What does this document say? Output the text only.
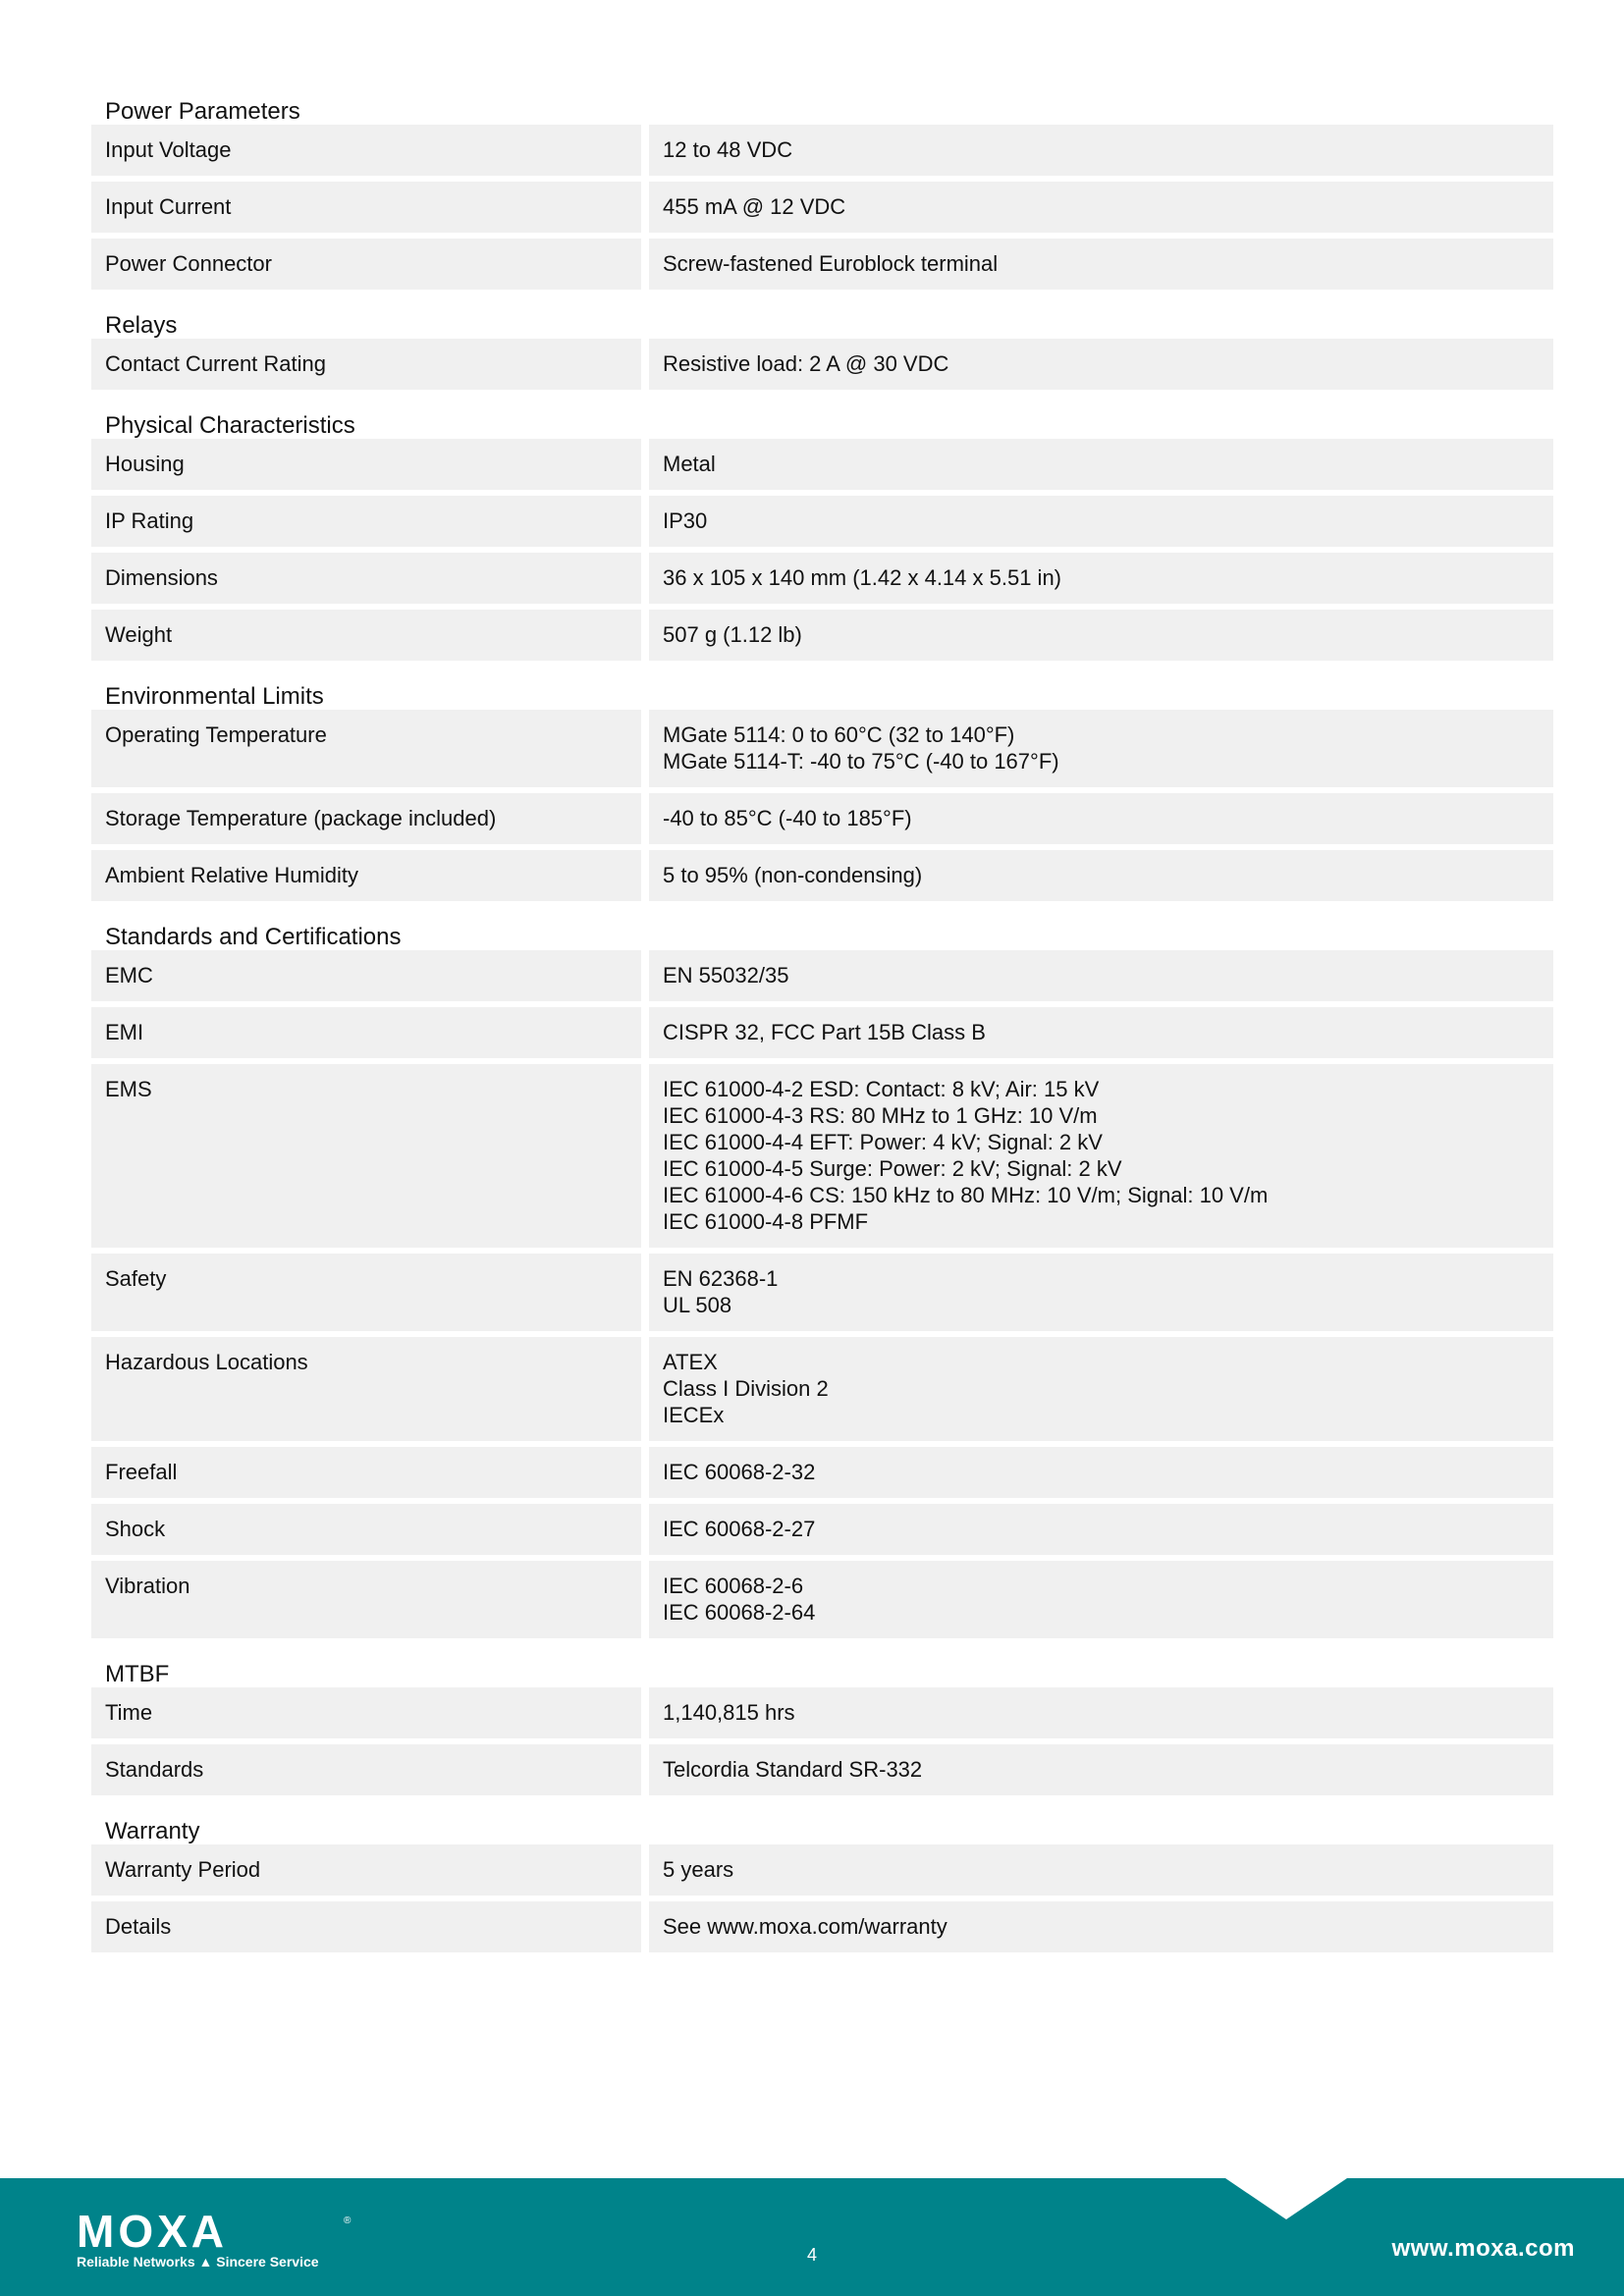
Power Parameters
Input Voltage	12 to 48 VDC
Input Current	455 mA @ 12 VDC
Power Connector	Screw-fastened Euroblock terminal
Relays
Contact Current Rating	Resistive load: 2 A @ 30 VDC
Physical Characteristics
Housing	Metal
IP Rating	IP30
Dimensions	36 x 105 x 140 mm (1.42 x 4.14 x 5.51 in)
Weight	507 g (1.12 lb)
Environmental Limits
Operating Temperature	MGate 5114: 0 to 60°C (32 to 140°F)
MGate 5114-T: -40 to 75°C (-40 to 167°F)
Storage Temperature (package included)	-40 to 85°C (-40 to 185°F)
Ambient Relative Humidity	5 to 95% (non-condensing)
Standards and Certifications
EMC	EN 55032/35
EMI	CISPR 32, FCC Part 15B Class B
EMS	IEC 61000-4-2 ESD: Contact: 8 kV; Air: 15 kV
IEC 61000-4-3 RS: 80 MHz to 1 GHz: 10 V/m
IEC 61000-4-4 EFT: Power: 4 kV; Signal: 2 kV
IEC 61000-4-5 Surge: Power: 2 kV; Signal: 2 kV
IEC 61000-4-6 CS: 150 kHz to 80 MHz: 10 V/m; Signal: 10 V/m
IEC 61000-4-8 PFMF
Safety	EN 62368-1
UL 508
Hazardous Locations	ATEX
Class I Division 2
IECEx
Freefall	IEC 60068-2-32
Shock	IEC 60068-2-27
Vibration	IEC 60068-2-6
IEC 60068-2-64
MTBF
Time	1,140,815 hrs
Standards	Telcordia Standard SR-332
Warranty
Warranty Period	5 years
Details	See www.moxa.com/warranty
MOXA	®
Reliable Networks ▲ Sincere Service	4	www.moxa.com
